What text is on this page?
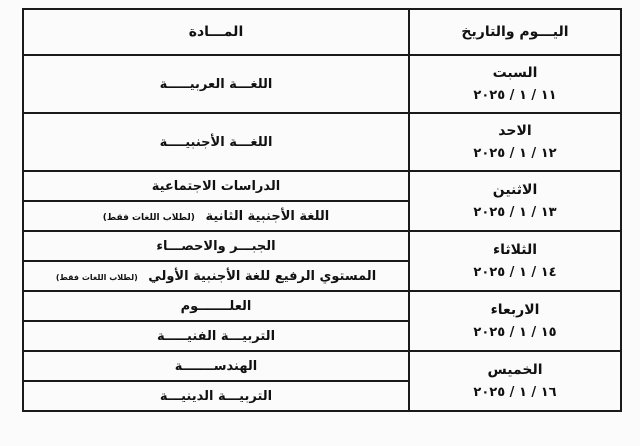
اليـــوم والتاريخ	المـــادة

السبت
١١ / ١ / ٢٠٢٥	اللغـــة العربيـــــة

الاحد
١٢ / ١ / ٢٠٢٥	اللغـــة الأجنبيــــة

الاثنين
١٣ / ١ / ٢٠٢٥	الدراسات الاجتماعية
	اللغة الأجنبية الثانية (لطلاب اللغات فقط)

الثلاثاء
١٤ / ١ / ٢٠٢٥	الجبـــر والاحصـــاء
	المستوي الرفيع للغة الأجنبية الأولي (لطلاب اللغات فقط)

الاربعاء
١٥ / ١ / ٢٠٢٥	العلـــــــوم
	التربيـــة الفنيـــــة

الخميس
١٦ / ١ / ٢٠٢٥	الهندســـــــة
	التربيـــة الدينيـــة
